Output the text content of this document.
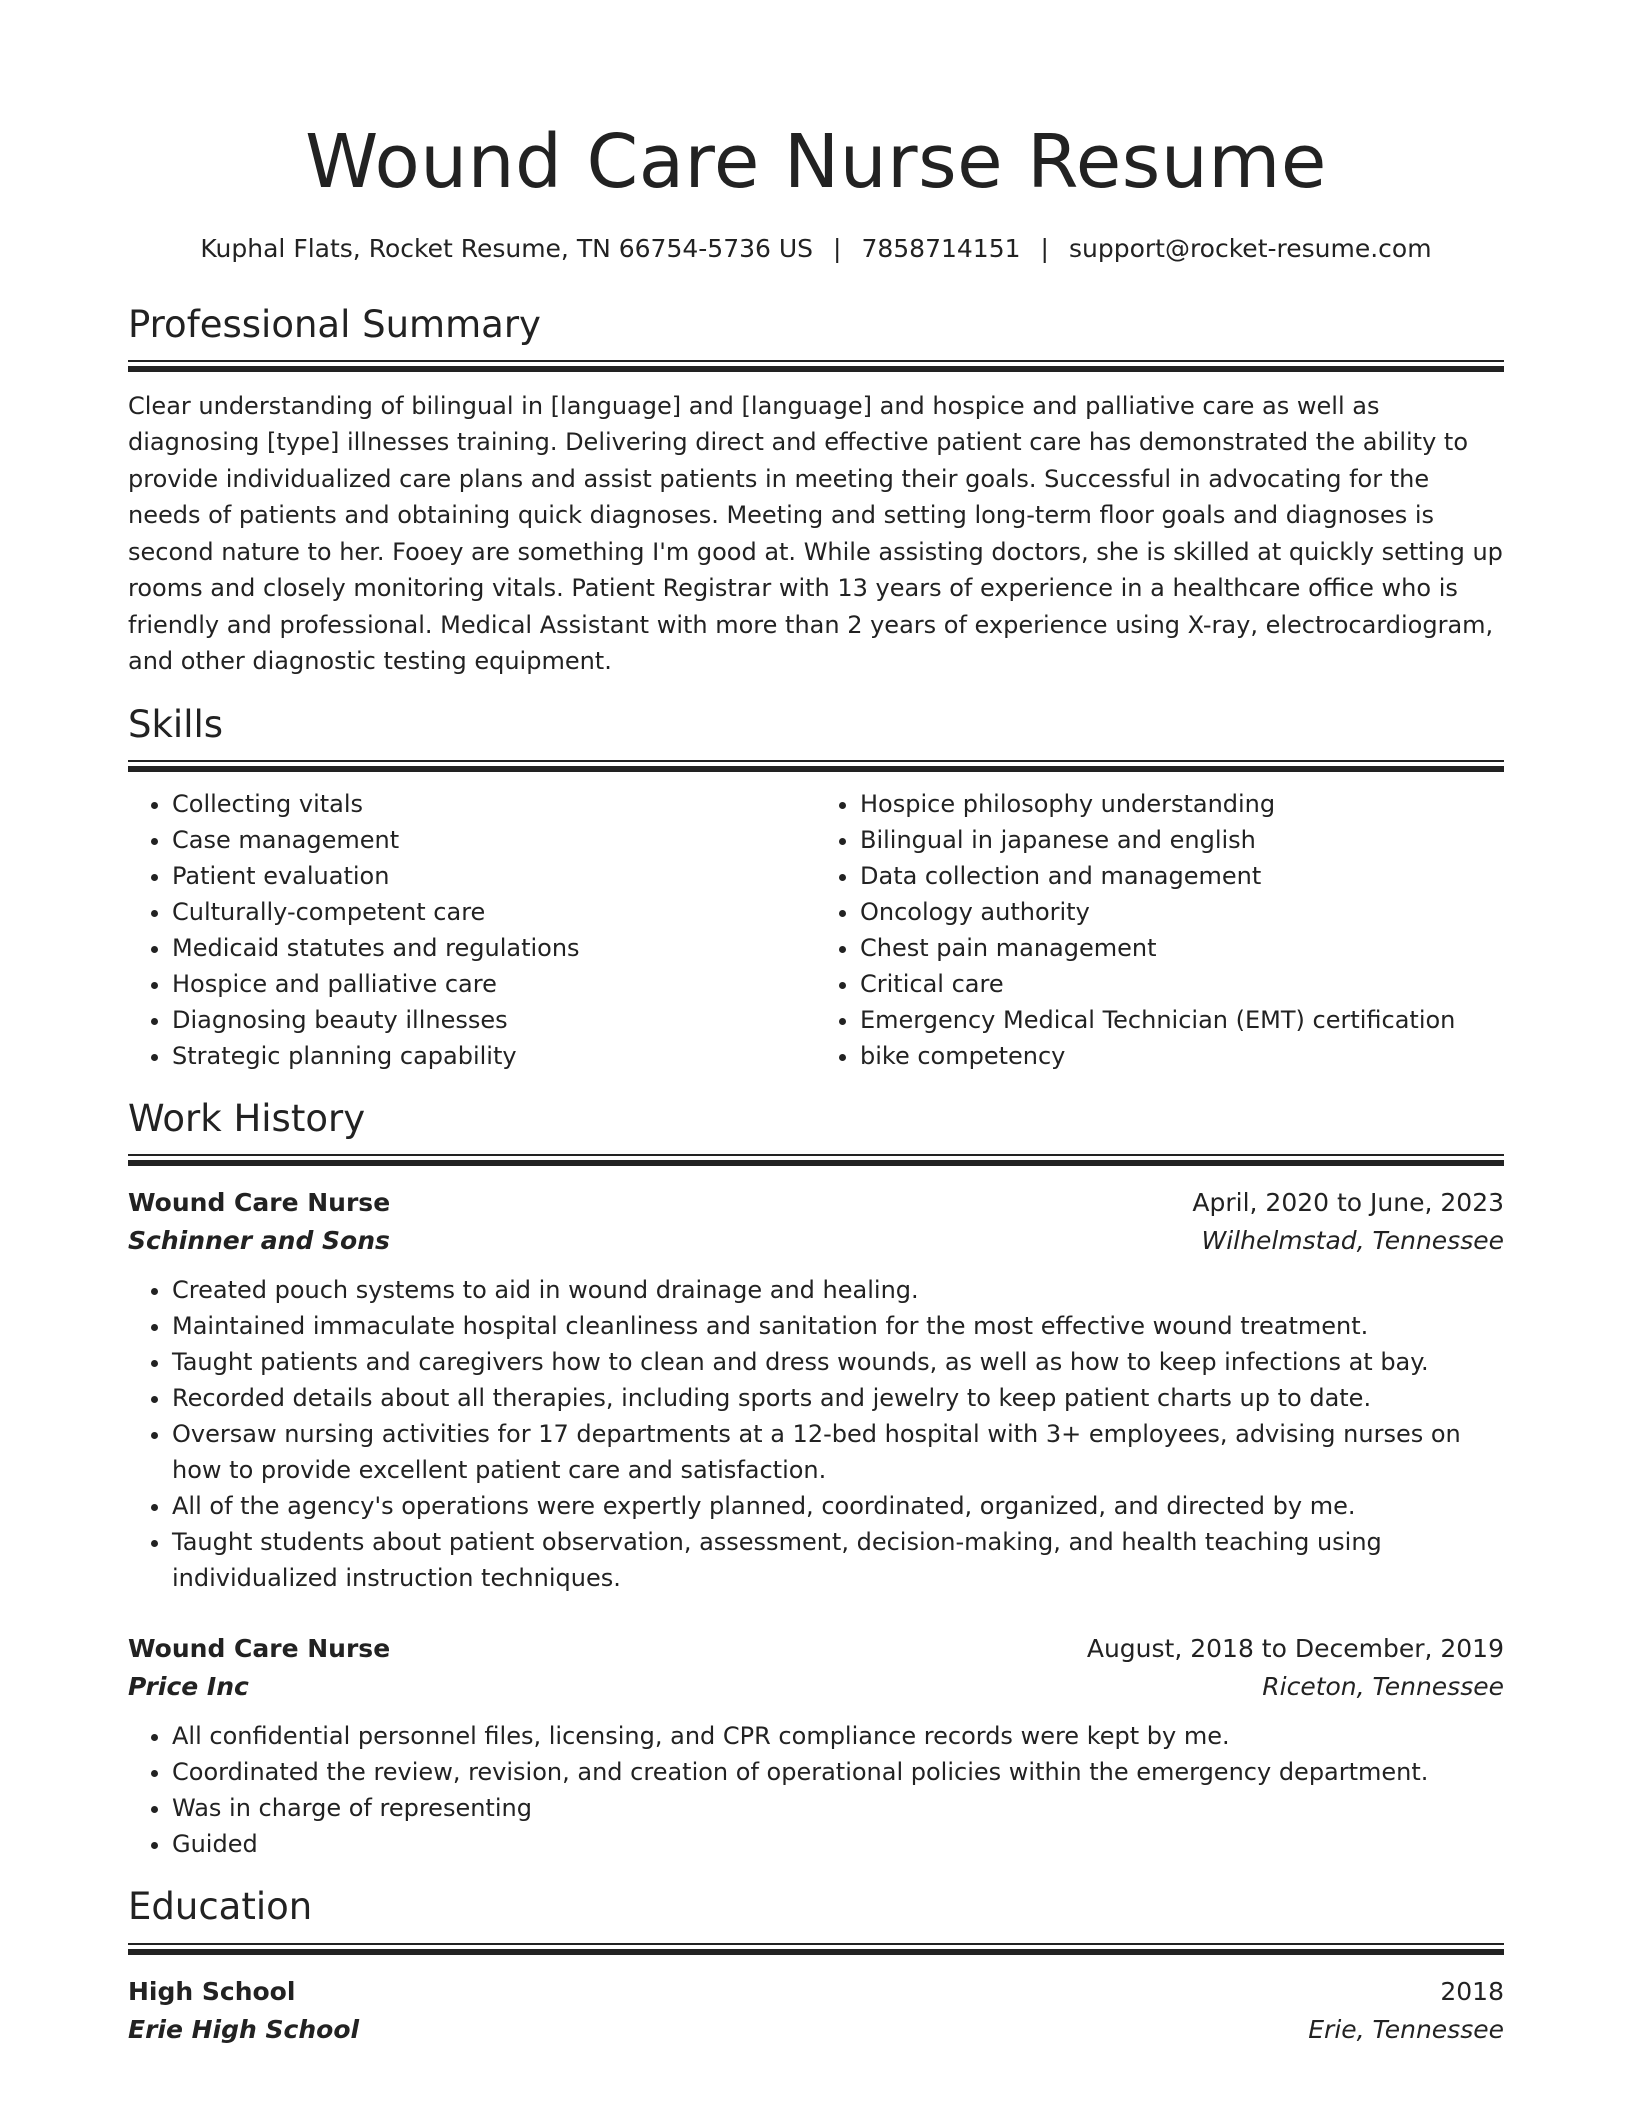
Wound Care Nurse Resume
Kuphal Flats, Rocket Resume, TN 66754-5736 US | 7858714151 | support@rocket-resume.com
Professional Summary
Clear understanding of bilingual in [language] and [language] and hospice and palliative care as well as diagnosing [type] illnesses training. Delivering direct and effective patient care has demonstrated the ability to provide individualized care plans and assist patients in meeting their goals. Successful in advocating for the needs of patients and obtaining quick diagnoses. Meeting and setting long-term floor goals and diagnoses is second nature to her. Fooey are something I'm good at. While assisting doctors, she is skilled at quickly setting up rooms and closely monitoring vitals. Patient Registrar with 13 years of experience in a healthcare office who is friendly and professional. Medical Assistant with more than 2 years of experience using X-ray, electrocardiogram, and other diagnostic testing equipment.
Skills
• Collecting vitals
• Case management
• Patient evaluation
• Culturally-competent care
• Medicaid statutes and regulations
• Hospice and palliative care
• Diagnosing beauty illnesses
• Strategic planning capability
• Hospice philosophy understanding
• Bilingual in japanese and english
• Data collection and management
• Oncology authority
• Chest pain management
• Critical care
• Emergency Medical Technician (EMT) certification
• bike competency
Work History
Wound Care Nurse	April, 2020 to June, 2023
Schinner and Sons	Wilhelmstad, Tennessee
• Created pouch systems to aid in wound drainage and healing.
• Maintained immaculate hospital cleanliness and sanitation for the most effective wound treatment.
• Taught patients and caregivers how to clean and dress wounds, as well as how to keep infections at bay.
• Recorded details about all therapies, including sports and jewelry to keep patient charts up to date.
• Oversaw nursing activities for 17 departments at a 12-bed hospital with 3+ employees, advising nurses on how to provide excellent patient care and satisfaction.
• All of the agency's operations were expertly planned, coordinated, organized, and directed by me.
• Taught students about patient observation, assessment, decision-making, and health teaching using individualized instruction techniques.
Wound Care Nurse	August, 2018 to December, 2019
Price Inc	Riceton, Tennessee
• All confidential personnel files, licensing, and CPR compliance records were kept by me.
• Coordinated the review, revision, and creation of operational policies within the emergency department.
• Was in charge of representing
• Guided
Education
High School	2018
Erie High School	Erie, Tennessee
